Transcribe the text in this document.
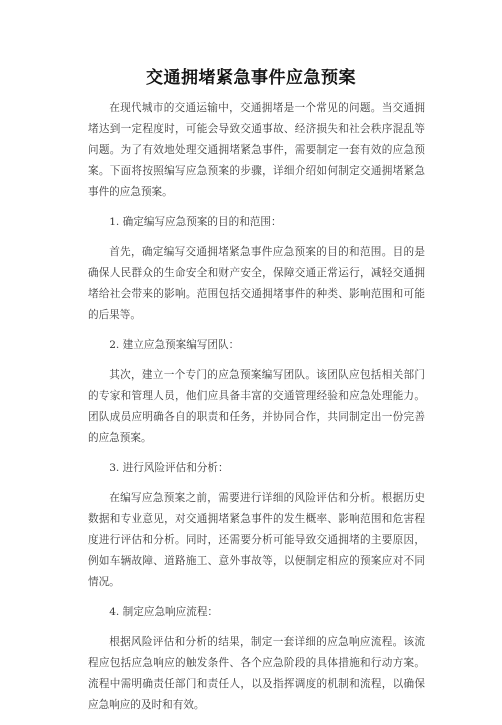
交通拥堵紧急事件应急预案

在现代城市的交通运输中，交通拥堵是一个常见的问题。当交通拥堵达到一定程度时，可能会导致交通事故、经济损失和社会秩序混乱等问题。为了有效地处理交通拥堵紧急事件，需要制定一套有效的应急预案。下面将按照编写应急预案的步骤，详细介绍如何制定交通拥堵紧急事件的应急预案。

1. 确定编写应急预案的目的和范围：

首先，确定编写交通拥堵紧急事件应急预案的目的和范围。目的是确保人民群众的生命安全和财产安全，保障交通正常运行，减轻交通拥堵给社会带来的影响。范围包括交通拥堵事件的种类、影响范围和可能的后果等。

2. 建立应急预案编写团队：

其次，建立一个专门的应急预案编写团队。该团队应包括相关部门的专家和管理人员，他们应具备丰富的交通管理经验和应急处理能力。团队成员应明确各自的职责和任务，并协同合作，共同制定出一份完善的应急预案。

3. 进行风险评估和分析：

在编写应急预案之前，需要进行详细的风险评估和分析。根据历史数据和专业意见，对交通拥堵紧急事件的发生概率、影响范围和危害程度进行评估和分析。同时，还需要分析可能导致交通拥堵的主要原因，例如车辆故障、道路施工、意外事故等，以便制定相应的预案应对不同情况。

4. 制定应急响应流程：

根据风险评估和分析的结果，制定一套详细的应急响应流程。该流程应包括应急响应的触发条件、各个应急阶段的具体措施和行动方案。流程中需明确责任部门和责任人，以及指挥调度的机制和流程，以确保应急响应的及时和有效。
